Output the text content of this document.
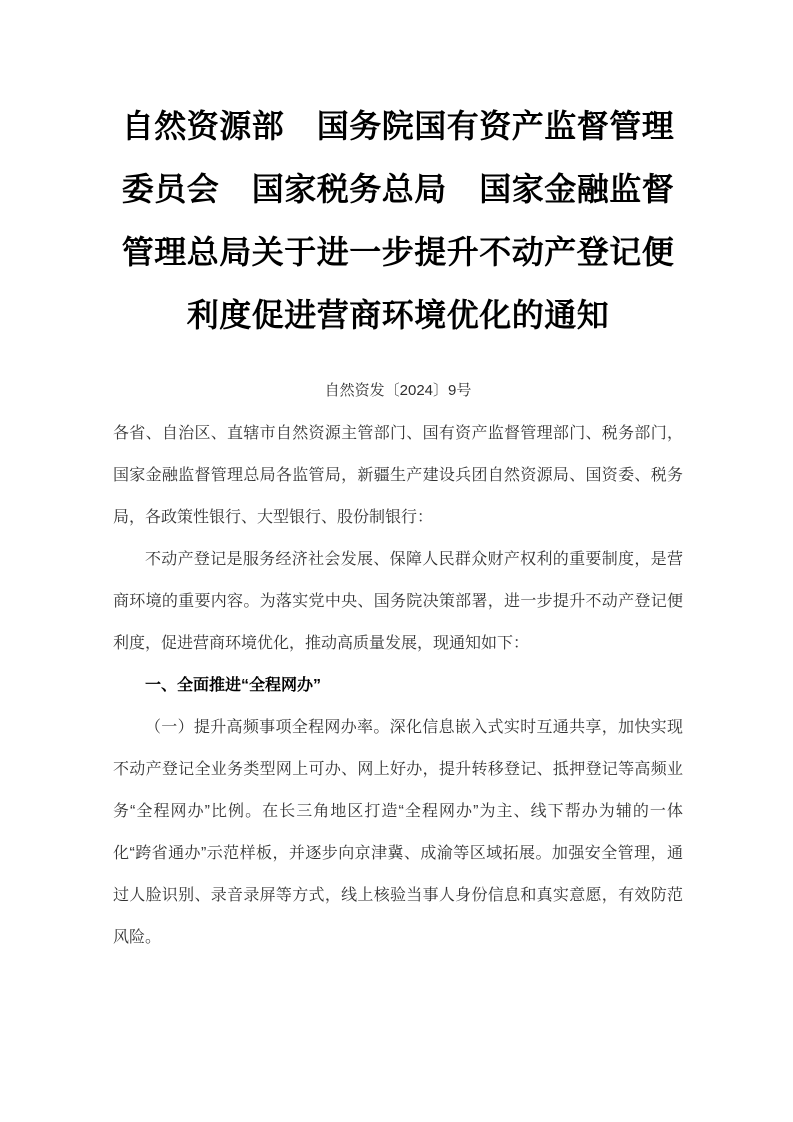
自然资源部　国务院国有资产监督管理委员会　国家税务总局　国家金融监督管理总局关于进一步提升不动产登记便利度促进营商环境优化的通知
自然资发〔2024〕9号

各省、自治区、直辖市自然资源主管部门、国有资产监督管理部门、税务部门，国家金融监督管理总局各监管局，新疆生产建设兵团自然资源局、国资委、税务局，各政策性银行、大型银行、股份制银行：

不动产登记是服务经济社会发展、保障人民群众财产权利的重要制度，是营商环境的重要内容。为落实党中央、国务院决策部署，进一步提升不动产登记便利度，促进营商环境优化，推动高质量发展，现通知如下：

一、全面推进“全程网办”

（一）提升高频事项全程网办率。深化信息嵌入式实时互通共享，加快实现不动产登记全业务类型网上可办、网上好办，提升转移登记、抵押登记等高频业务“全程网办”比例。在长三角地区打造“全程网办”为主、线下帮办为辅的一体化“跨省通办”示范样板，并逐步向京津冀、成渝等区域拓展。加强安全管理，通过人脸识别、录音录屏等方式，线上核验当事人身份信息和真实意愿，有效防范风险。
